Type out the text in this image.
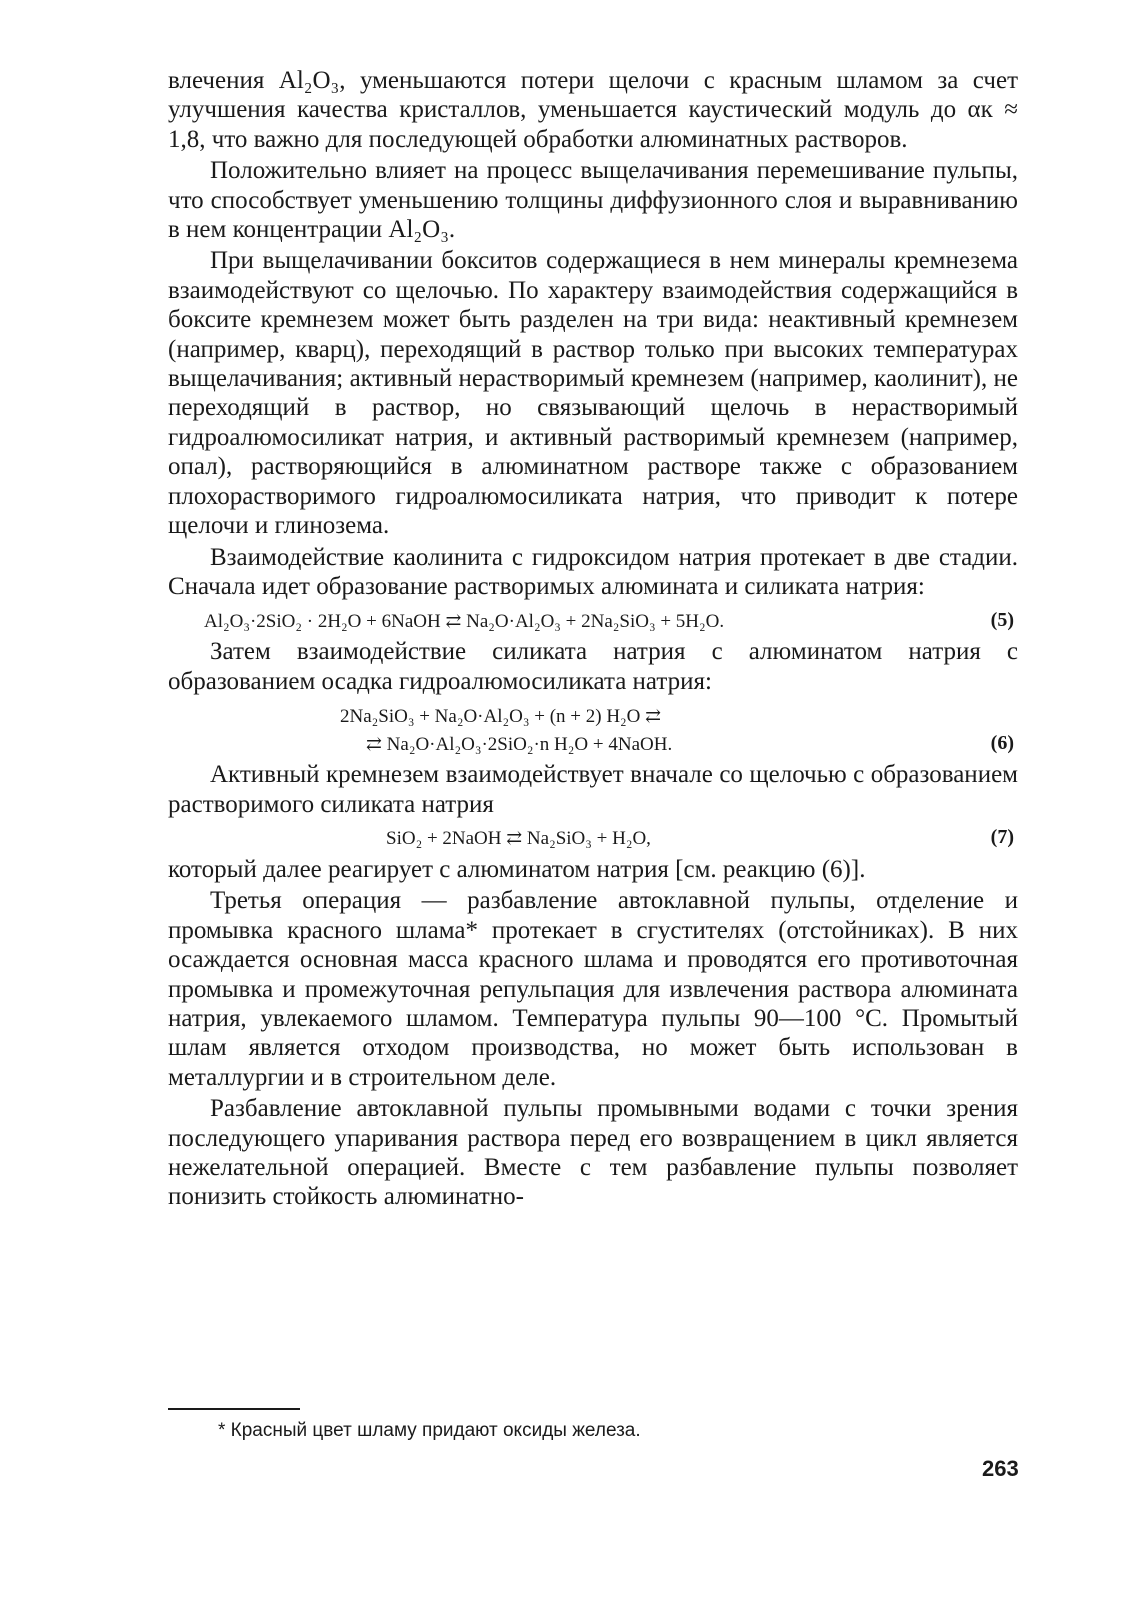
влечения Al₂O₃, уменьшаются потери щелочи с красным шламом за счет улучшения качества кристаллов, уменьшается каустический модуль до αк ≈ 1,8, что важно для последующей обработки алюминатных растворов.

Положительно влияет на процесс выщелачивания перемешивание пульпы, что способствует уменьшению толщины диффузионного слоя и выравниванию в нем концентрации Al₂O₃.

При выщелачивании бокситов содержащиеся в нем минералы кремнезема взаимодействуют со щелочью. По характеру взаимодействия содержащийся в боксите кремнезем может быть разделен на три вида: неактивный кремнезем (например, кварц), переходящий в раствор только при высоких температурах выщелачивания; активный нерастворимый кремнезем (например, каолинит), не переходящий в раствор, но связывающий щелочь в нерастворимый гидроалюмосиликат натрия, и активный растворимый кремнезем (например, опал), растворяющийся в алюминатном растворе также с образованием плохорастворимого гидроалюмосиликата натрия, что приводит к потере щелочи и глинозема.

Взаимодействие каолинита с гидроксидом натрия протекает в две стадии. Сначала идет образование растворимых алюмината и силиката натрия:

Al₂O₃·2SiO₂ · 2H₂O + 6NaOH ⇄ Na₂O·Al₂O₃ + 2Na₂SiO₃ + 5H₂O.	(5)

Затем взаимодействие силиката натрия с алюминатом натрия с образованием осадка гидроалюмосиликата натрия:

2Na₂SiO₃ + Na₂O·Al₂O₃ + (n + 2) H₂O ⇄
⇄ Na₂O·Al₂O₃·2SiO₂·n H₂O + 4NaOH.	(6)

Активный кремнезем взаимодействует вначале со щелочью с образованием растворимого силиката натрия

SiO₂ + 2NaOH ⇄ Na₂SiO₃ + H₂O,	(7)

который далее реагирует с алюминатом натрия [см. реакцию (6)].

Третья операция — разбавление автоклавной пульпы, отделение и промывка красного шлама* протекает в сгустителях (отстойниках). В них осаждается основная масса красного шлама и проводятся его противоточная промывка и промежуточная репульпация для извлечения раствора алюмината натрия, увлекаемого шламом. Температура пульпы 90—100 °С. Промытый шлам является отходом производства, но может быть использован в металлургии и в строительном деле.

Разбавление автоклавной пульпы промывными водами с точки зрения последующего упаривания раствора перед его возвращением в цикл является нежелательной операцией. Вместе с тем разбавление пульпы позволяет понизить стойкость алюминатно-

* Красный цвет шламу придают оксиды железа.
263
